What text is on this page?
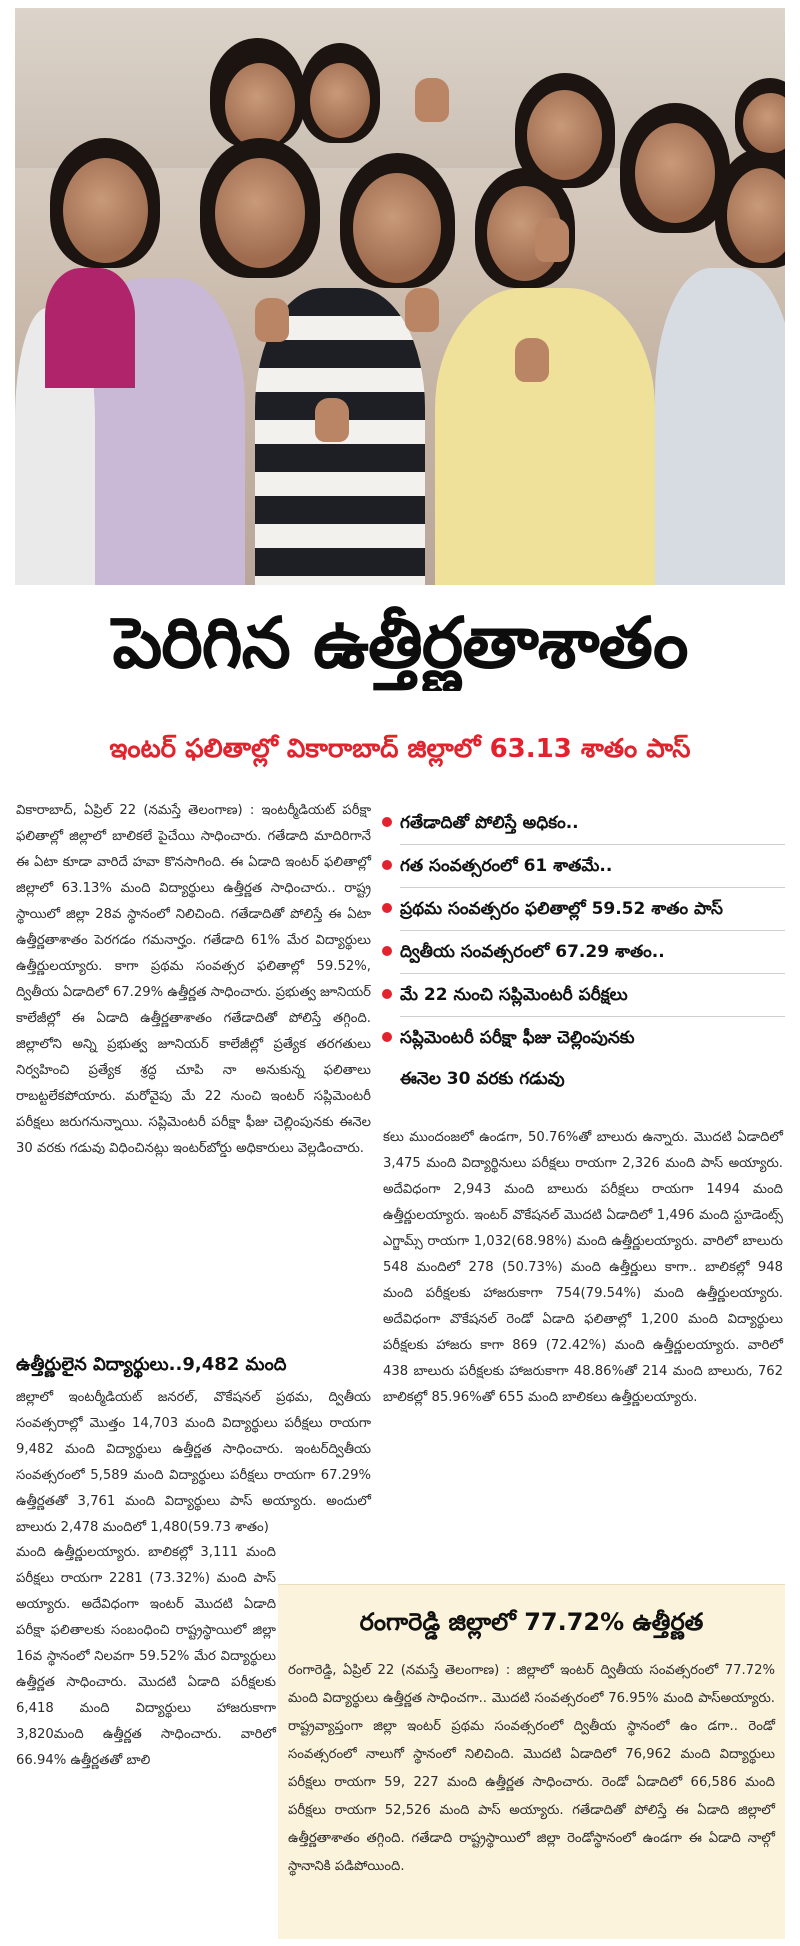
పెరిగిన ఉత్తీర్ణతాశాతం
ఇంటర్ ఫలితాల్లో వికారాబాద్ జిల్లాలో 63.13 శాతం పాస్

వికారాబాద్, ఏప్రిల్ 22 (నమస్తే తెలంగాణ) : ఇంటర్మీడియట్ పరీక్షా ఫలితాల్లో జిల్లాలో బాలికలే పైచేయి సాధించారు. గతేడాది మాదిరిగానే ఈ ఏటా కూడా వారిదే హవా కొనసాగింది. ఈ ఏడాది ఇంటర్ ఫలితాల్లో జిల్లాలో 63.13% మంది విద్యార్థులు ఉత్తీర్ణత సాధించారు.. రాష్ట్ర స్థాయిలో జిల్లా 28వ స్థానంలో నిలిచింది. గతేడాదితో పోలిస్తే ఈ ఏటా ఉత్తీర్ణతాశాతం పెరగడం గమనార్హం. గతేడాది 61% మేర విద్యార్థులు ఉత్తీర్ణులయ్యారు. కాగా ప్రథమ సంవత్సర ఫలితాల్లో 59.52%, ద్వితీయ ఏడాదిలో 67.29% ఉత్తీర్ణత సాధించారు. ప్రభుత్వ జూనియర్ కాలేజీల్లో ఈ ఏడాది ఉత్తీర్ణతాశాతం గతేడాదితో పోలిస్తే తగ్గింది. జిల్లాలోని అన్ని ప్రభుత్వ జూనియర్ కాలేజీల్లో ప్రత్యేక తరగతులు నిర్వహించి ప్రత్యేక శ్రద్ధ చూపి నా అనుకున్న ఫలితాలు రాబట్టలేకపోయారు. మరోవైపు మే 22 నుంచి ఇంటర్ సప్లిమెంటరీ పరీక్షలు జరుగనున్నాయి. సప్లిమెంటరీ పరీక్షా ఫీజు చెల్లింపునకు ఈనెల 30 వరకు గడువు విధించినట్లు ఇంటర్‌బోర్డు అధికారులు వెల్లడించారు.

గతేడాదితో పోలిస్తే అధికం..
గత సంవత్సరంలో 61 శాతమే..
ప్రథమ సంవత్సరం ఫలితాల్లో 59.52 శాతం పాస్
ద్వితీయ సంవత్సరంలో 67.29 శాతం..
మే 22 నుంచి సప్లిమెంటరీ పరీక్షలు
సప్లిమెంటరీ పరీక్షా ఫీజు చెల్లింపునకు
ఈనెల 30 వరకు గడువు
ఉత్తీర్ణులైన విద్యార్థులు..9,482 మంది

జిల్లాలో ఇంటర్మీడియట్ జనరల్, వొకేషనల్ ప్రథమ, ద్వితీయ సంవత్సరాల్లో మొత్తం 14,703 మంది విద్యార్థులు పరీక్షలు రాయగా 9,482 మంది విద్యార్థులు ఉత్తీర్ణత సాధించారు. ఇంటర్‌ద్వితీయ సంవత్సరంలో 5,589 మంది విద్యార్థులు పరీక్షలు రాయగా 67.29% ఉత్తీర్ణతతో 3,761 మంది విద్యార్థులు పాస్ అయ్యారు. అందులో బాలురు 2,478 మందిలో 1,480(59.73 శాతం)

మంది ఉత్తీర్ణులయ్యారు. బాలికల్లో 3,111 మంది పరీక్షలు రాయగా 2281 (73.32%) మంది పాస్ అయ్యారు. అదేవిధంగా ఇంటర్ మొదటి ఏడాది పరీక్షా ఫలితాలకు సంబంధించి రాష్ట్రస్థాయిలో జిల్లా 16వ స్థానంలో నిలవగా 59.52% మేర విద్యార్థులు ఉత్తీర్ణత సాధించారు. మొదటి ఏడాది పరీక్షలకు 6,418 మంది విద్యార్థులు హాజరుకాగా 3,820మంది ఉత్తీర్ణత సాధించారు. వారిలో 66.94% ఉత్తీర్ణతతో బాలి

కలు ముందంజలో ఉండగా, 50.76%తో బాలురు ఉన్నారు. మొదటి ఏడాదిలో 3,475 మంది విద్యార్థినులు పరీక్షలు రాయగా 2,326 మంది పాస్ అయ్యారు. అదేవిధంగా 2,943 మంది బాలురు పరీక్షలు రాయగా 1494 మంది ఉత్తీర్ణులయ్యారు. ఇంటర్ వొకేషనల్ మొదటి ఏడాదిలో 1,496 మంది స్టూడెంట్స్ ఎగ్జామ్స్ రాయగా 1,032(68.98%) మంది ఉత్తీర్ణులయ్యారు. వారిలో బాలురు 548 మందిలో 278 (50.73%) మంది ఉత్తీర్ణులు కాగా.. బాలికల్లో 948 మంది పరీక్షలకు హాజరుకాగా 754(79.54%) మంది ఉత్తీర్ణులయ్యారు. అదేవిధంగా వొకేషనల్ రెండో ఏడాది ఫలితాల్లో 1,200 మంది విద్యార్థులు పరీక్షలకు హాజరు కాగా 869 (72.42%) మంది ఉత్తీర్ణులయ్యారు. వారిలో 438 బాలురు పరీక్షలకు హాజరుకాగా 48.86%తో 214 మంది బాలురు, 762 బాలికల్లో 85.96%తో 655 మంది బాలికలు ఉత్తీర్ణులయ్యారు.

రంగారెడ్డి జిల్లాలో 77.72% ఉత్తీర్ణత
రంగారెడ్డి, ఏప్రిల్ 22 (నమస్తే తెలంగాణ) : జిల్లాలో ఇంటర్ ద్వితీయ సంవత్సరంలో 77.72% మంది విద్యార్థులు ఉత్తీర్ణత సాధించగా.. మొదటి సంవత్సరంలో 76.95% మంది పాస్‌అయ్యారు. రాష్ట్రవ్యాప్తంగా జిల్లా ఇంటర్ ప్రథమ సంవత్సరంలో ద్వితీయ స్థానంలో ఉం డగా.. రెండో సంవత్సరంలో నాలుగో స్థానంలో నిలిచింది. మొదటి ఏడాదిలో 76,962 మంది విద్యార్థులు పరీక్షలు రాయగా 59, 227 మంది ఉత్తీర్ణత సాధించారు. రెండో ఏడాదిలో 66,586 మంది పరీక్షలు రాయగా 52,526 మంది పాస్ అయ్యారు. గతేడాదితో పోలిస్తే ఈ ఏడాది జిల్లాలో ఉత్తీర్ణతాశాతం తగ్గింది. గతేడాది రాష్ట్రస్థాయిలో జిల్లా రెండోస్థానంలో ఉండగా ఈ ఏడాది నాల్గో స్థానానికి పడిపోయింది.
